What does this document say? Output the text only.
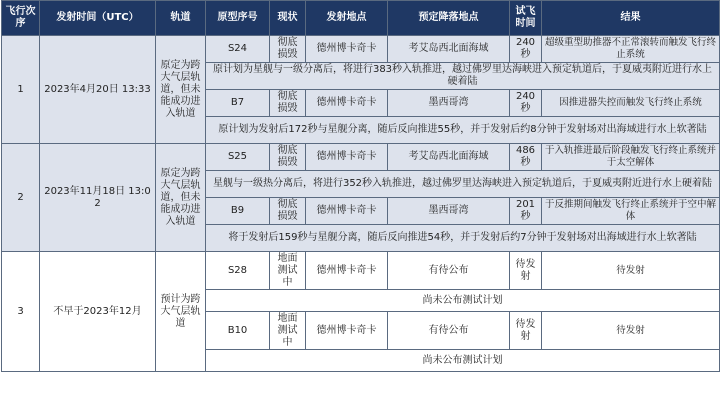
飞行次序	发射时间（UTC）	轨道	原型序号	现状	发射地点	预定降落地点	试飞时间	结果
1	2023年4月20日 13:33	原定为跨大气层轨道，但未能成功进入轨道	S24	彻底损毁	德州博卡奇卡	考艾岛西北面海域	240秒	超级重型助推器不正常滚转而触发飞行终止系统
			原计划为星舰与一级分离后，将进行383秒入轨推进，越过佛罗里达海峡进入预定轨道后，于夏威夷附近进行水上硬着陆					
			B7	彻底损毁	德州博卡奇卡	墨西哥湾	240秒	因推进器失控而触发飞行终止系统
			原计划为发射后172秒与星舰分离，随后反向推进55秒，并于发射后约8分钟于发射场对出海域进行水上软著陆					
2	2023年11月18日 13:02	原定为跨大气层轨道，但未能成功进入轨道	S25	彻底损毁	德州博卡奇卡	考艾岛西北面海域	486秒	于入轨推进最后阶段触发飞行终止系统并于太空解体
			星舰与一级热分离后，将进行352秒入轨推进，越过佛罗里达海峡进入预定轨道后，于夏威夷附近进行水上硬着陆					
			B9	彻底损毁	德州博卡奇卡	墨西哥湾	201秒	于反推期间触发飞行终止系统并于空中解体
			将于发射后159秒与星舰分离，随后反向推进54秒，并于发射后约7分钟于发射场对出海域进行水上软著陆					
3	不早于2023年12月	预计为跨大气层轨道	S28	地面测试中	德州博卡奇卡	有待公布	待发射	待发射
			尚未公布测试计划					
			B10	地面测试中	德州博卡奇卡	有待公布	待发射	待发射
			尚未公布测试计划					
